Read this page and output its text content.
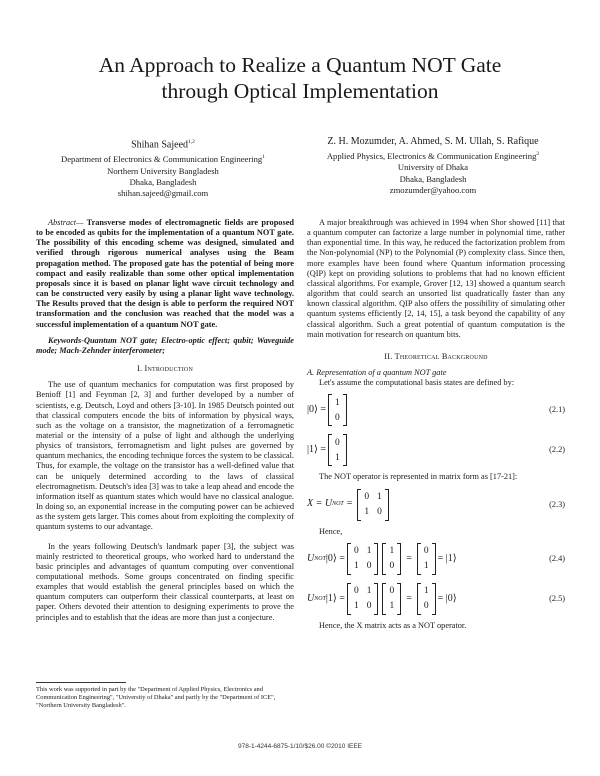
An Approach to Realize a Quantum NOT Gate
through Optical Implementation
Shihan Sajeed$^{1,2}$
Department of Electronics & Communication Engineering$^1$
Northern University Bangladesh
Dhaka, Bangladesh
shihan.sajeed@gmail.com
Z. H. Mozumder, A. Ahmed, S. M. Ullah, S. Rafique
Applied Physics, Electronics & Communication Engineering$^2$
University of Dhaka
Dhaka, Bangladesh
zmozumder@yahoo.com

Abstract— Transverse modes of electromagnetic fields are proposed to be encoded as qubits for the implementation of a quantum NOT gate. The possibility of this encoding scheme was designed, simulated and verified through rigorous numerical analyses using the Beam propagation method. The proposed gate has the potential of being more compact and easily realizable than some other optical implementation proposals since it is based on planar light wave circuit technology and can be constructed very easily by using a planar light wave technology. The Results proved that the design is able to perform the required NOT transformation and the conclusion was reached that the model was a successful implementation of a quantum NOT gate.

Keywords-Quantum NOT gate; Electro-optic effect; qubit; Waveguide mode; Mach-Zehnder interferometer;

I. Introduction

The use of quantum mechanics for computation was first proposed by Benioff [1] and Feynman [2, 3] and further developed by a number of scientists, e.g. Deutsch, Loyd and others [3-10]. In 1985 Deutsch pointed out that classical computers encode the bits of information by physical ways, such as the voltage on a transistor, the magnetization of a ferromagnetic material or the intensity of a pulse of light and although the underlying physics of transistors, ferromagnetism and light pulses are governed by quantum mechanics, the encoding technique forces the system to be classical. Thus, for example, the voltage on the transistor has a well-defined value that can be uniquely determined according to the laws of classical electromagnetism. Deutsch's idea [3] was to take a leap ahead and encode the information itself as quantum states which would have no classical analogue. In doing so, an exponential increase in the computing power can be achieved as the system gets larger. This comes about from exploiting the complexity of quantum systems to our advantage.

In the years following Deutsch's landmark paper [3], the subject was mainly restricted to theoretical groups, who worked hard to understand the basic principles and advantages of quantum computing over conventional computational methods. Some groups concentrated on finding specific examples that would establish the general principles based on which the quantum computers can outperform their classical counterparts, at least on paper. Others devoted their attention to designing experiments to prove the principles and to establish that the ideas are more than just a conjecture.

A major breakthrough was achieved in 1994 when Shor showed [11] that a quantum computer can factorize a large number in polynomial time, rather than exponential time. In this way, he reduced the factorization problem from the Non-polynomial (NP) to the Polynomial (P) complexity class. Since then, more examples have been found where Quantum information processing (QIP) kept on providing solutions to problems that had no known efficient classical algorithms. For example, Grover [12, 13] showed a quantum search algorithm that could search an unsorted list quadratically faster than any known classical algorithm. QIP also offers the possibility of simulating other quantum systems efficiently [2, 14, 15], a task beyond the capability of any classical algorithm. Such a great potential of quantum computation is the main motivation for research on quantum bits.

II. Theoretical Background

A. Representation of a quantum NOT gate

Let's assume the computational basis states are defined by:

|0⟩ =
1
0
(2.1)
|1⟩ =
0
1
(2.2)

The NOT operator is represented in matrix form as [17-21]:

X = U NOT =
0 1
1 0
(2.3)

Hence,

U NOT |0⟩ =
0 1
1 0
1
0
=
0
1
= |1⟩	(2.4)
U NOT |1⟩ =
0 1
1 0
0
1
=
1
0
= |0⟩	(2.5)

Hence, the X matrix acts as a NOT operator.

This work was supported in part by the "Department of Applied Physics, Electronics and Communication Engineering", "University of Dhaka" and partly by the "Department of ICE", "Northern University Bangladesh".
978-1-4244-6875-1/10/$26.00 ©2010 IEEE
